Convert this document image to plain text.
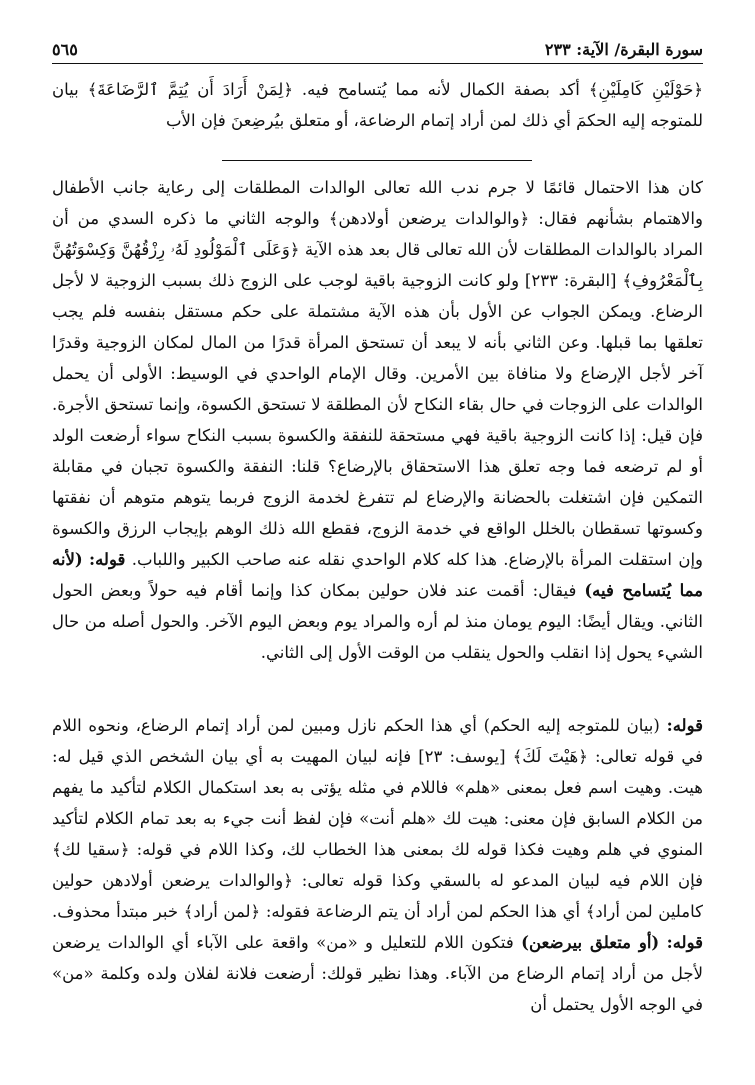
سورة البقرة/ الآية: ٢٣٣
٥٦٥

﴿حَوْلَيْنِ كَامِلَيْنِ﴾ أكد بصفة الكمال لأنه مما يُتسامح فيه. ﴿لِمَنْ أَرَادَ أَن يُتِمَّ ٱلرَّضَاعَةَ﴾ بيان للمتوجه إليه الحكمَ أي ذلك لمن أراد إتمام الرضاعة، أو متعلق بيُرضِعنَ فإن الأب

كان هذا الاحتمال قائمًا لا جرم ندب الله تعالى الوالدات المطلقات إلى رعاية جانب الأطفال والاهتمام بشأنهم فقال: ﴿والوالدات يرضعن أولادهن﴾ والوجه الثاني ما ذكره السدي من أن المراد بالوالدات المطلقات لأن الله تعالى قال بعد هذه الآية ﴿وَعَلَى ٱلْمَوْلُودِ لَهُۥ رِزْقُهُنَّ وَكِسْوَتُهُنَّ بِٱلْمَعْرُوفِ﴾ [البقرة: ٢٣٣] ولو كانت الزوجية باقية لوجب على الزوج ذلك بسبب الزوجية لا لأجل الرضاع. ويمكن الجواب عن الأول بأن هذه الآية مشتملة على حكم مستقل بنفسه فلم يجب تعلقها بما قبلها. وعن الثاني بأنه لا يبعد أن تستحق المرأة قدرًا من المال لمكان الزوجية وقدرًا آخر لأجل الإرضاع ولا منافاة بين الأمرين. وقال الإمام الواحدي في الوسيط: الأولى أن يحمل الوالدات على الزوجات في حال بقاء النكاح لأن المطلقة لا تستحق الكسوة، وإنما تستحق الأجرة. فإن قيل: إذا كانت الزوجية باقية فهي مستحقة للنفقة والكسوة بسبب النكاح سواء أرضعت الولد أو لم ترضعه فما وجه تعلق هذا الاستحقاق بالإرضاع؟ قلنا: النفقة والكسوة تجبان في مقابلة التمكين فإن اشتغلت بالحضانة والإرضاع لم تتفرغ لخدمة الزوج فربما يتوهم متوهم أن نفقتها وكسوتها تسقطان بالخلل الواقع في خدمة الزوج، فقطع الله ذلك الوهم بإيجاب الرزق والكسوة وإن استقلت المرأة بالإرضاع. هذا كله كلام الواحدي نقله عنه صاحب الكبير واللباب. قوله: (لأنه مما يُتسامح فيه) فيقال: أقمت عند فلان حولين بمكان كذا وإنما أقام فيه حولاً وبعض الحول الثاني. ويقال أيضًا: اليوم يومان منذ لم أره والمراد يوم وبعض اليوم الآخر. والحول أصله من حال الشيء يحول إذا انقلب والحول ينقلب من الوقت الأول إلى الثاني.

قوله: (بيان للمتوجه إليه الحكم) أي هذا الحكم نازل ومبين لمن أراد إتمام الرضاع، ونحوه اللام في قوله تعالى: ﴿هَيْتَ لَكَ﴾ [يوسف: ٢٣] فإنه لبيان المهيت به أي بيان الشخص الذي قيل له: هيت. وهيت اسم فعل بمعنى «هلم» فاللام في مثله يؤتى به بعد استكمال الكلام لتأكيد ما يفهم من الكلام السابق فإن معنى: هيت لك «هلم أنت» فإن لفظ أنت جيء به بعد تمام الكلام لتأكيد المنوي في هلم وهيت فكذا قوله لك بمعنى هذا الخطاب لك، وكذا اللام في قوله: ﴿سقيا لك﴾ فإن اللام فيه لبيان المدعو له بالسقي وكذا قوله تعالى: ﴿والوالدات يرضعن أولادهن حولين كاملين لمن أراد﴾ أي هذا الحكم لمن أراد أن يتم الرضاعة فقوله: ﴿لمن أراد﴾ خبر مبتدأ محذوف. قوله: (أو متعلق بيرضعن) فتكون اللام للتعليل و «من» واقعة على الآباء أي الوالدات يرضعن لأجل من أراد إتمام الرضاع من الآباء. وهذا نظير قولك: أرضعت فلانة لفلان ولده وكلمة «من» في الوجه الأول يحتمل أن
